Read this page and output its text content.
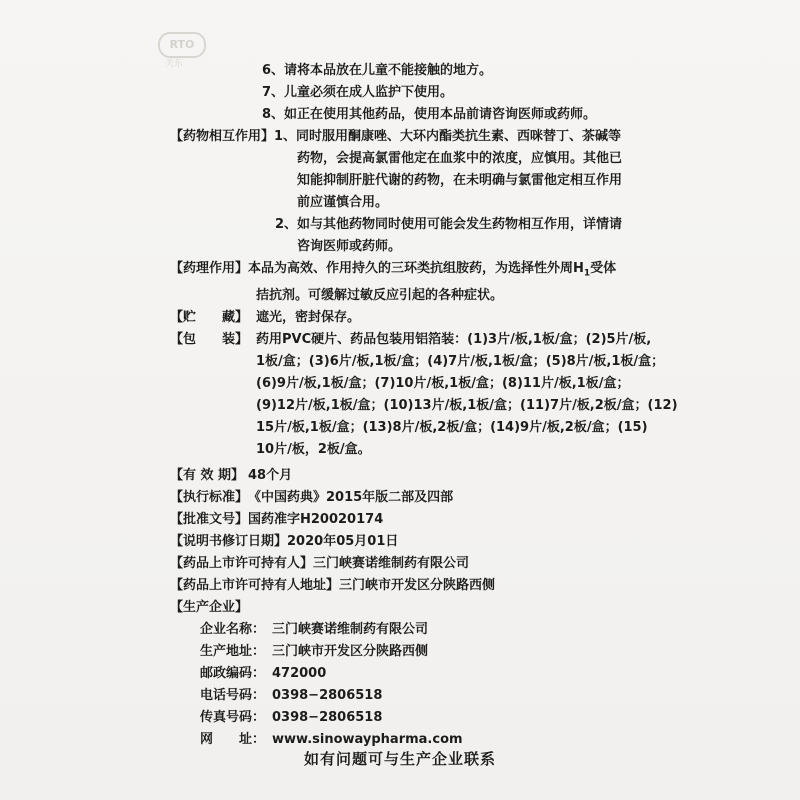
RTO
关东	6、请将本品放在儿童不能接触的地方。
7、儿童必须在成人监护下使用。
8、如正在使用其他药品，使用本品前请咨询医师或药师。
【药物相互作用】 1、同时服用酮康唑、大环内酯类抗生素、西咪替丁、茶碱等
药物，会提高氯雷他定在血浆中的浓度，应慎用。其他已
知能抑制肝脏代谢的药物，在未明确与氯雷他定相互作用
前应谨慎合用。
2、如与其他药物同时使用可能会发生药物相互作用，详情请
咨询医师或药师。
【药理作用】本品为高效、作用持久的三环类抗组胺药，为选择性外周$H_1$受体
拮抗剂。可缓解过敏反应引起的各种症状。
【贮　　藏】 遮光，密封保存。
【包　　装】 药用PVC硬片、药品包装用铝箔装：(1)3片/板,1板/盒；(2)5片/板,
1板/盒；(3)6片/板,1板/盒；(4)7片/板,1板/盒；(5)8片/板,1板/盒；
(6)9片/板,1板/盒；(7)10片/板,1板/盒；(8)11片/板,1板/盒；
(9)12片/板,1板/盒；(10)13片/板,1板/盒；(11)7片/板,2板/盒；(12)
15片/板,1板/盒；(13)8片/板,2板/盒；(14)9片/板,2板/盒；(15)
10片/板，2板/盒。
【有 效 期】 48个月
【执行标准】《中国药典》2015年版二部及四部
【批准文号】国药准字H20020174
【说明书修订日期】2020年05月01日
【药品上市许可持有人】三门峡赛诺维制药有限公司
【药品上市许可持有人地址】三门峡市开发区分陕路西侧
【生产企业】
企业名称： 三门峡赛诺维制药有限公司
生产地址： 三门峡市开发区分陕路西侧
邮政编码： 472000
电话号码： 0398−2806518
传真号码： 0398−2806518
网　　址： www.sinowaypharma.com
如有问题可与生产企业联系
